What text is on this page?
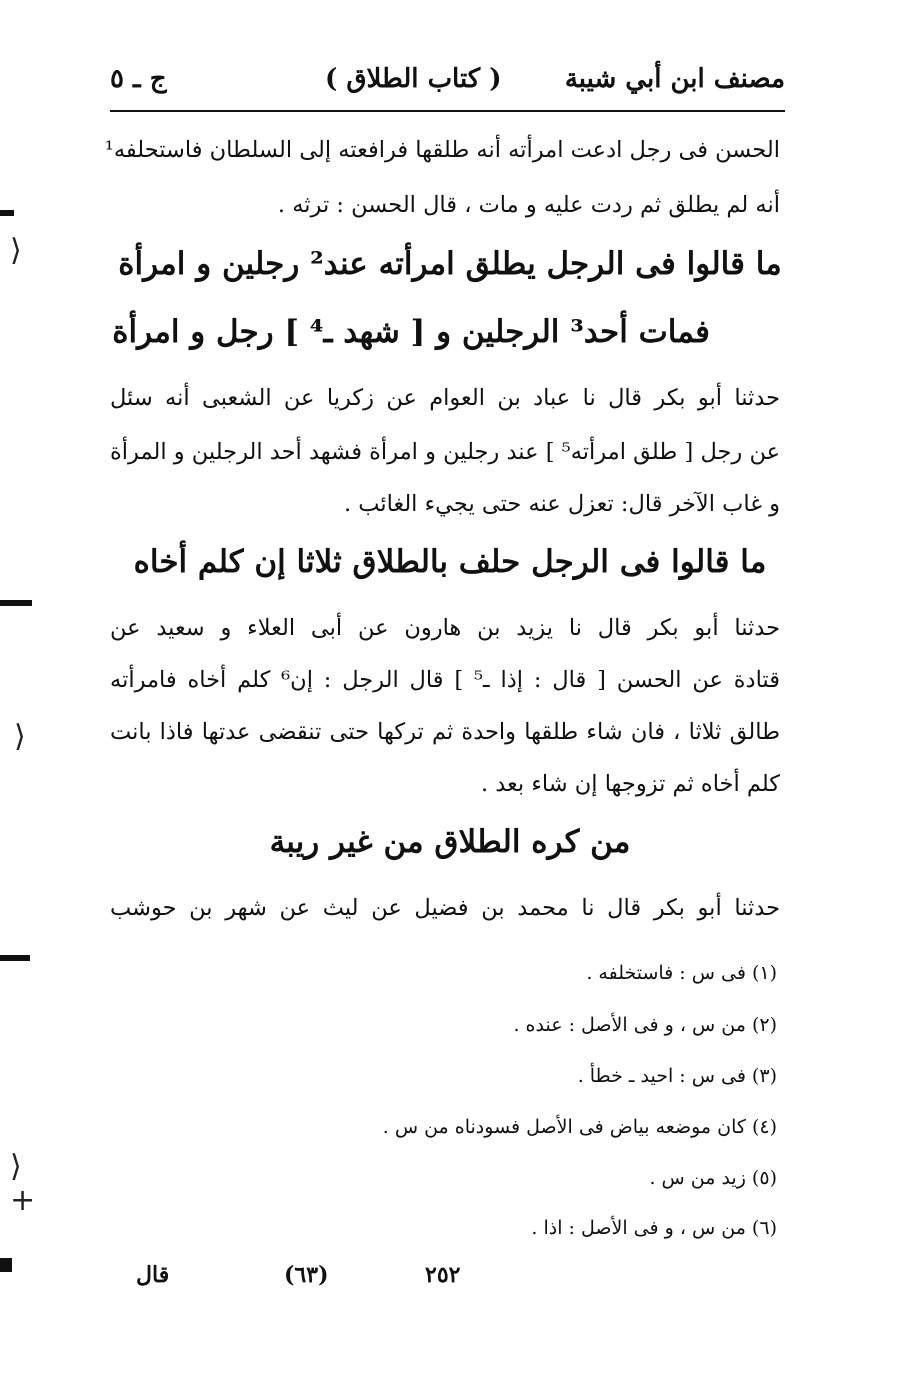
مصنف ابن أبي شيبة
( كتاب الطلاق )
ج ـ ٥
الحسن فى رجل ادعت امرأته أنه طلقها فرافعته إلى السلطان فاستحلفه¹
أنه لم يطلق ثم ردت عليه و مات ، قال الحسن : ترثه .
ما قالوا فى الرجل يطلق امرأته عند² رجلين و امرأة
فمات أحد³ الرجلين و [ شهد ـ⁴ ] رجل و امرأة
حدثنا أبو بكر قال نا عباد بن العوام عن زكريا عن الشعبى أنه سئل
عن رجل [ طلق امرأته⁵ ] عند رجلين و امرأة فشهد أحد الرجلين و المرأة
و غاب الآخر قال: تعزل عنه حتى يجيء الغائب .
ما قالوا فى الرجل حلف بالطلاق ثلاثا إن كلم أخاه
حدثنا أبو بكر قال نا يزيد بن هارون عن أبى العلاء و سعيد عن
قتادة عن الحسن [ قال : إذا ـ⁵ ] قال الرجل : إن⁶ كلم أخاه فامرأته
طالق ثلاثا ، فان شاء طلقها واحدة ثم تركها حتى تنقضى عدتها فاذا بانت
كلم أخاه ثم تزوجها إن شاء بعد .
من كره الطلاق من غير ريبة
حدثنا أبو بكر قال نا محمد بن فضيل عن ليث عن شهر بن حوشب
(١) فى س : فاستخلفه .
(٢) من س ، و فى الأصل : عنده .
(٣) فى س : احيد ـ خطأ .
(٤) كان موضعه بياض فى الأصل فسودناه من س .
(٥) زيد من س .
(٦) من س ، و فى الأصل : اذا .
قال	(٦٣)	٢٥٢
⟩
⟩
⟩
+
